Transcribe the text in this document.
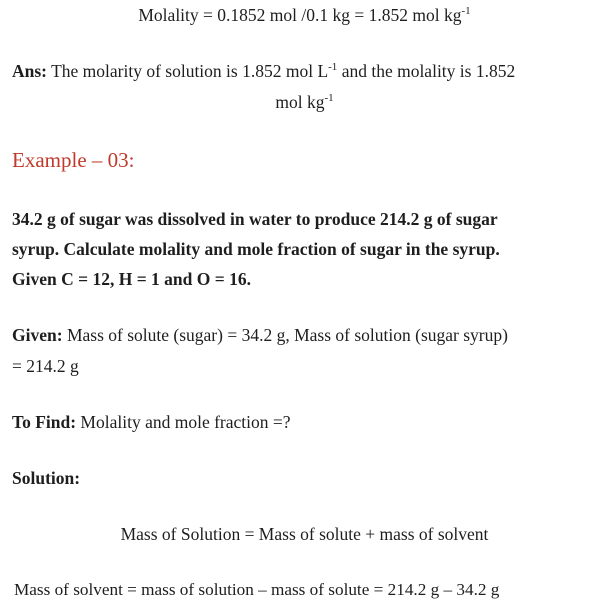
Molality = 0.1852 mol /0.1 kg = 1.852 mol $kg^{-1}$
Ans: The molarity of solution is 1.852 mol $L^{-1}$ and the molality is 1.852
mol $kg^{-1}$
Example – 03:
34.2 g of sugar was dissolved in water to produce 214.2 g of sugar
syrup. Calculate molality and mole fraction of sugar in the syrup.
Given C = 12, H = 1 and O = 16.
Given: Mass of solute (sugar) = 34.2 g, Mass of solution (sugar syrup)
= 214.2 g
To Find: Molality and mole fraction =?
Solution:
Mass of Solution = Mass of solute + mass of solvent
Mass of solvent = mass of solution – mass of solute = 214.2 g – 34.2 g
